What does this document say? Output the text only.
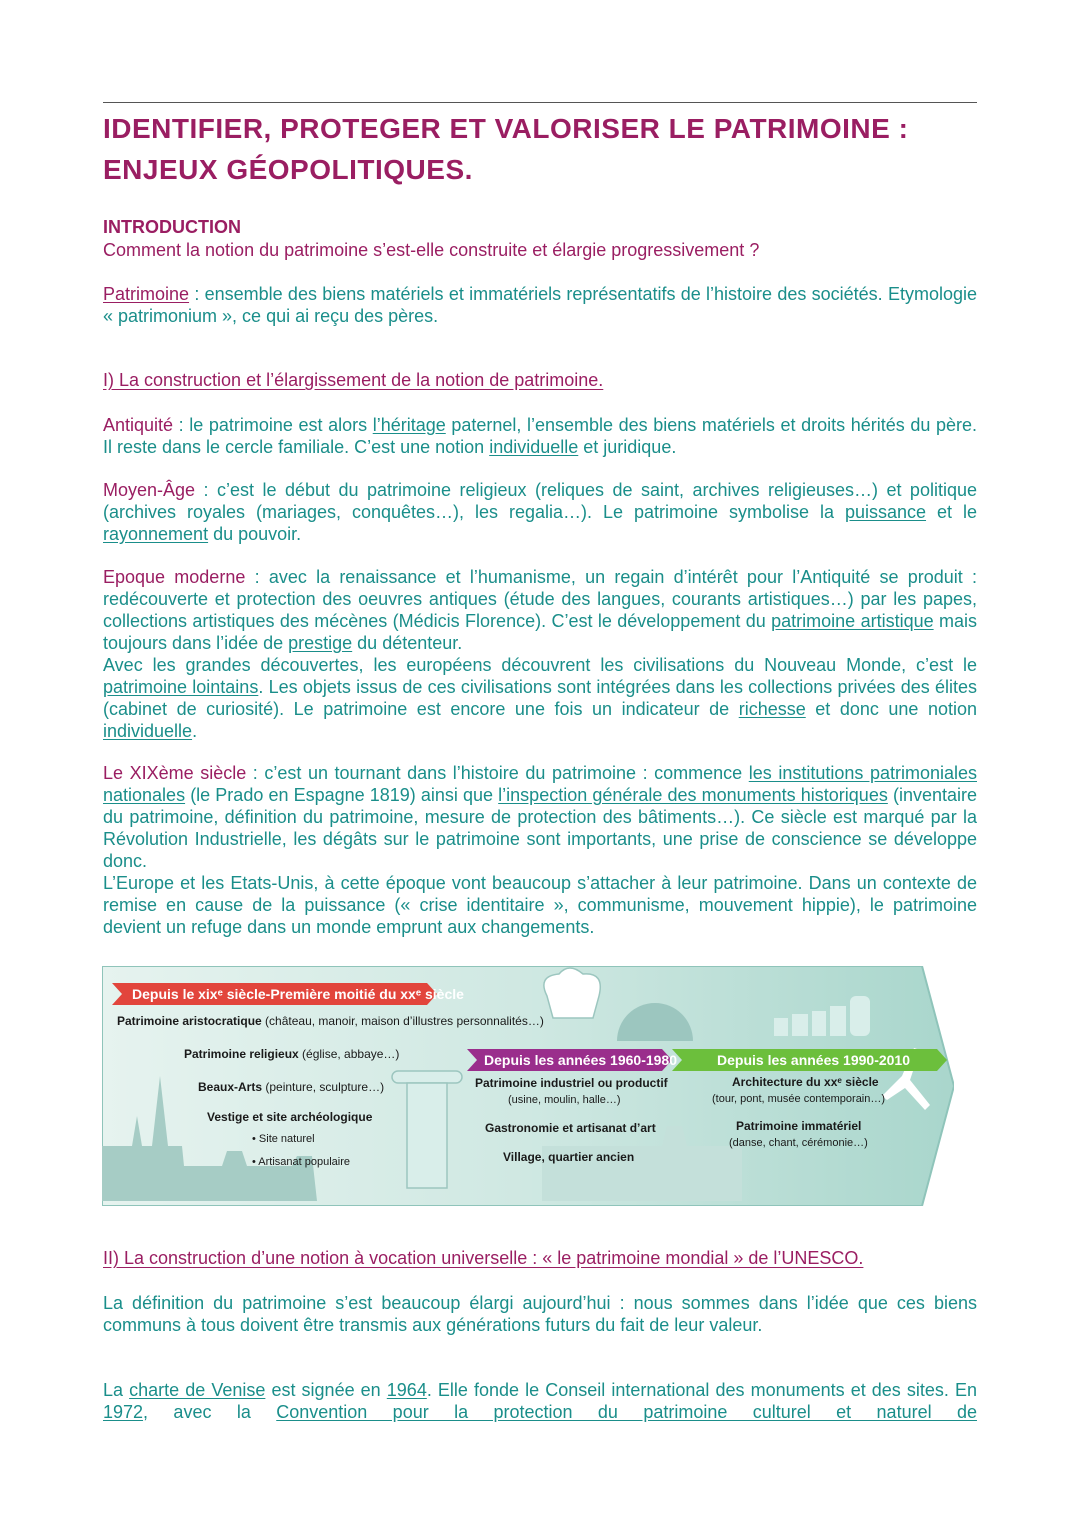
IDENTIFIER, PROTEGER ET VALORISER LE PATRIMOINE :
ENJEUX GÉOPOLITIQUES.

INTRODUCTION

Comment la notion du patrimoine s’est-elle construite et élargie progressivement ?

Patrimoine : ensemble des biens matériels et immatériels représentatifs de l’histoire des sociétés. Etymologie « patrimonium », ce qui ai reçu des pères.

I) La construction et l’élargissement de la notion de patrimoine.

Antiquité : le patrimoine est alors l’héritage paternel, l’ensemble des biens matériels et droits hérités du père. Il reste dans le cercle familiale. C’est une notion individuelle et juridique.

Moyen-Âge : c’est le début du patrimoine religieux (reliques de saint, archives religieuses…) et politique (archives royales (mariages, conquêtes…), les regalia…). Le patrimoine symbolise la puissance et le rayonnement du pouvoir.

Epoque moderne : avec la renaissance et l’humanisme, un regain d’intérêt pour l’Antiquité se produit : redécouverte et protection des oeuvres antiques (étude des langues, courants artistiques…) par les papes, collections artistiques des mécènes (Médicis Florence). C’est le développement du patrimoine artistique mais toujours dans l’idée de prestige du détenteur.
Avec les grandes découvertes, les européens découvrent les civilisations du Nouveau Monde, c’est le patrimoine lointains. Les objets issus de ces civilisations sont intégrées dans les collections privées des élites (cabinet de curiosité). Le patrimoine est encore une fois un indicateur de richesse et donc une notion individuelle.

Le XIXème siècle : c’est un tournant dans l’histoire du patrimoine : commence les institutions patrimoniales nationales (le Prado en Espagne 1819) ainsi que l’inspection générale des monuments historiques (inventaire du patrimoine, définition du patrimoine, mesure de protection des bâtiments…). Ce siècle est marqué par la Révolution Industrielle, les dégâts sur le patrimoine sont importants, une prise de conscience se développe donc.
L’Europe et les Etats-Unis, à cette époque vont beaucoup s’attacher à leur patrimoine. Dans un contexte de remise en cause de la puissance (« crise identitaire », communisme, mouvement hippie), le patrimoine devient un refuge dans un monde emprunt aux changements.

Depuis le xixᵉ siècle-Première moitié du xxᵉ siècle
Depuis les années 1960-1980	Depuis les années 1990-2010
Patrimoine aristocratique (château, manoir, maison d’illustres personnalités…)
Patrimoine religieux (église, abbaye…)
Beaux-Arts (peinture, sculpture…)
Vestige et site archéologique
• Site naturel
• Artisanat populaire
Patrimoine industriel ou productif
(usine, moulin, halle…)
Gastronomie et artisanat d’art
Village, quartier ancien
Architecture du xxᵉ siècle
(tour, pont, musée contemporain…)
Patrimoine immatériel
(danse, chant, cérémonie…)

II) La construction d’une notion à vocation universelle : « le patrimoine mondial » de l’UNESCO.

La définition du patrimoine s’est beaucoup élargi aujourd’hui : nous sommes dans l’idée que ces biens communs à tous doivent être transmis aux générations futurs du fait de leur valeur.

La charte de Venise est signée en 1964. Elle fonde le Conseil international des monuments et des sites. En 1972, avec la Convention pour la protection du patrimoine culturel et naturel de
